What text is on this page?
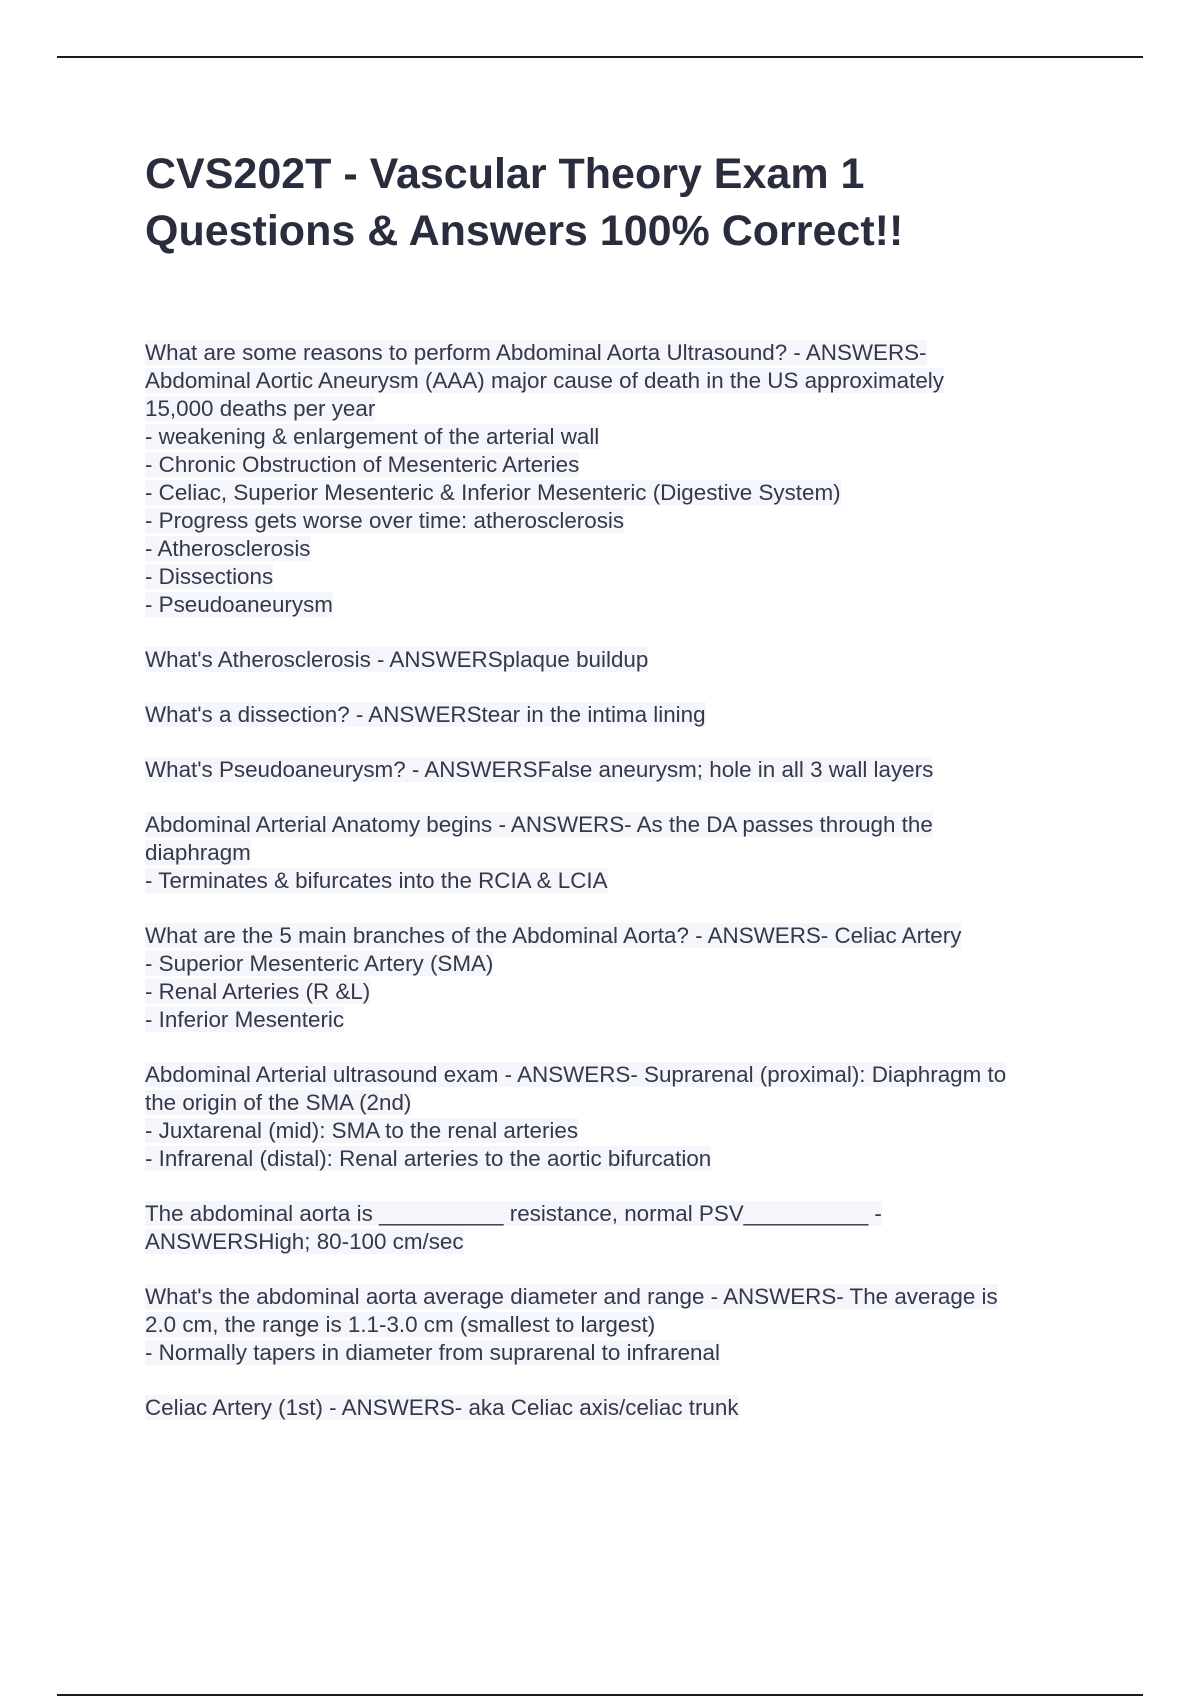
CVS202T - Vascular Theory Exam 1
Questions & Answers 100% Correct!!
What are some reasons to perform Abdominal Aorta Ultrasound? - ANSWERS-
Abdominal Aortic Aneurysm (AAA) major cause of death in the US approximately
15,000 deaths per year
- weakening & enlargement of the arterial wall
- Chronic Obstruction of Mesenteric Arteries
- Celiac, Superior Mesenteric & Inferior Mesenteric (Digestive System)
- Progress gets worse over time: atherosclerosis
- Atherosclerosis
- Dissections
- Pseudoaneurysm
What's Atherosclerosis - ANSWERSplaque buildup
What's a dissection? - ANSWERStear in the intima lining
What's Pseudoaneurysm? - ANSWERSFalse aneurysm; hole in all 3 wall layers
Abdominal Arterial Anatomy begins - ANSWERS- As the DA passes through the
diaphragm
- Terminates & bifurcates into the RCIA & LCIA
What are the 5 main branches of the Abdominal Aorta? - ANSWERS- Celiac Artery
- Superior Mesenteric Artery (SMA)
- Renal Arteries (R &L)
- Inferior Mesenteric
Abdominal Arterial ultrasound exam - ANSWERS- Suprarenal (proximal): Diaphragm to
the origin of the SMA (2nd)
- Juxtarenal (mid): SMA to the renal arteries
- Infrarenal (distal): Renal arteries to the aortic bifurcation
The abdominal aorta is __________ resistance, normal PSV__________ -
ANSWERSHigh; 80-100 cm/sec
What's the abdominal aorta average diameter and range - ANSWERS- The average is
2.0 cm, the range is 1.1-3.0 cm (smallest to largest)
- Normally tapers in diameter from suprarenal to infrarenal
Celiac Artery (1st) - ANSWERS- aka Celiac axis/celiac trunk
